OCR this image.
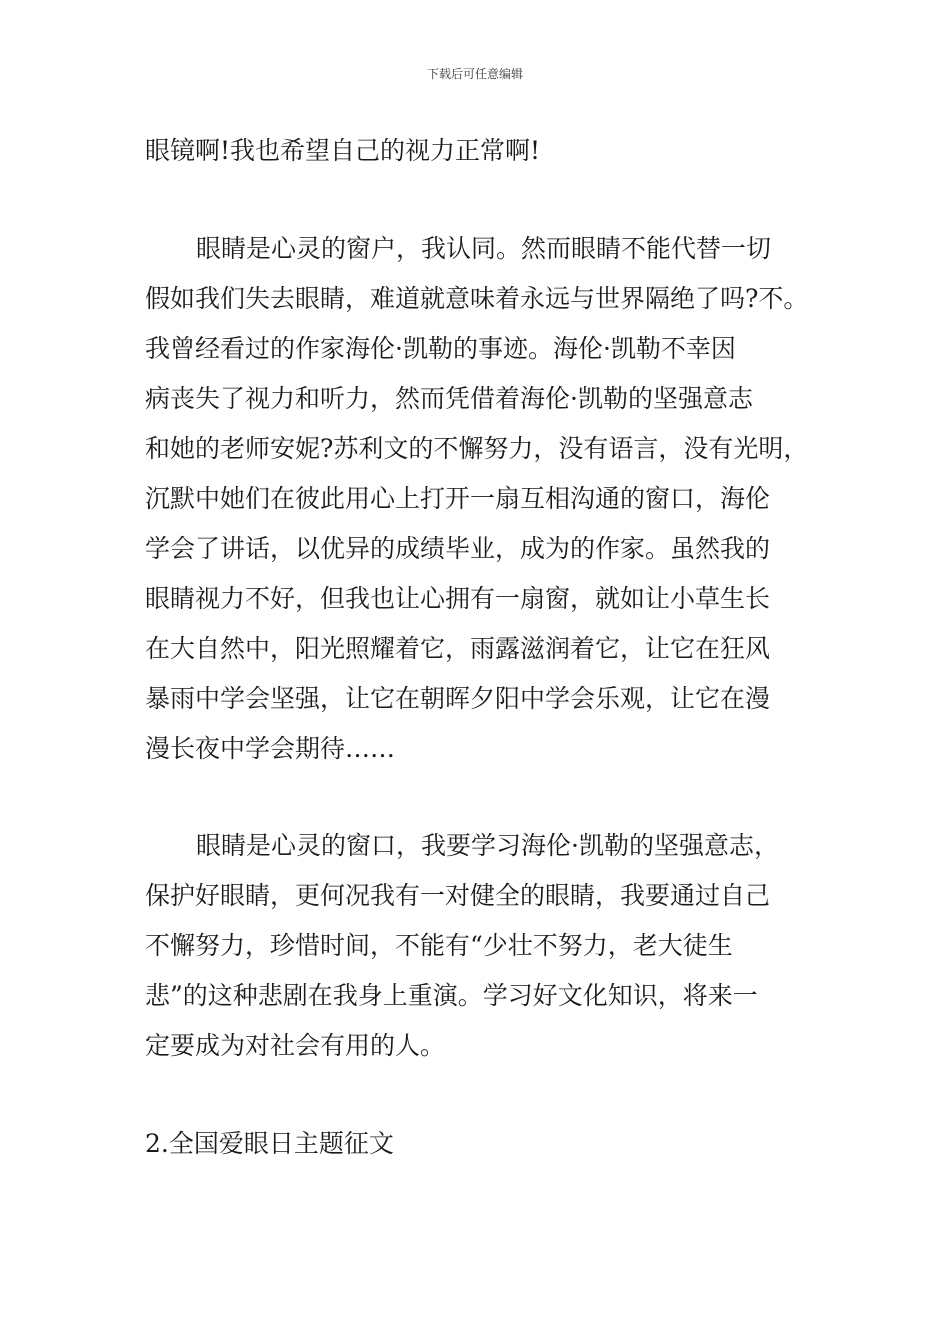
下载后可任意编辑
眼镜啊!我也希望自己的视力正常啊!
眼睛是心灵的窗户，我认同。然而眼睛不能代替一切
假如我们失去眼睛，难道就意味着永远与世界隔绝了吗?不。
我曾经看过的作家海伦·凯勒的事迹。海伦·凯勒不幸因
病丧失了视力和听力，然而凭借着海伦·凯勒的坚强意志
和她的老师安妮?苏利文的不懈努力，没有语言，没有光明，
沉默中她们在彼此用心上打开一扇互相沟通的窗口，海伦
学会了讲话，以优异的成绩毕业，成为的作家。虽然我的
眼睛视力不好，但我也让心拥有一扇窗，就如让小草生长
在大自然中，阳光照耀着它，雨露滋润着它，让它在狂风
暴雨中学会坚强，让它在朝晖夕阳中学会乐观，让它在漫
漫长夜中学会期待……
眼睛是心灵的窗口，我要学习海伦·凯勒的坚强意志，
保护好眼睛，更何况我有一对健全的眼睛，我要通过自己
不懈努力，珍惜时间，不能有“少壮不努力，老大徒生
悲”的这种悲剧在我身上重演。学习好文化知识，将来一
定要成为对社会有用的人。
2.全国爱眼日主题征文
